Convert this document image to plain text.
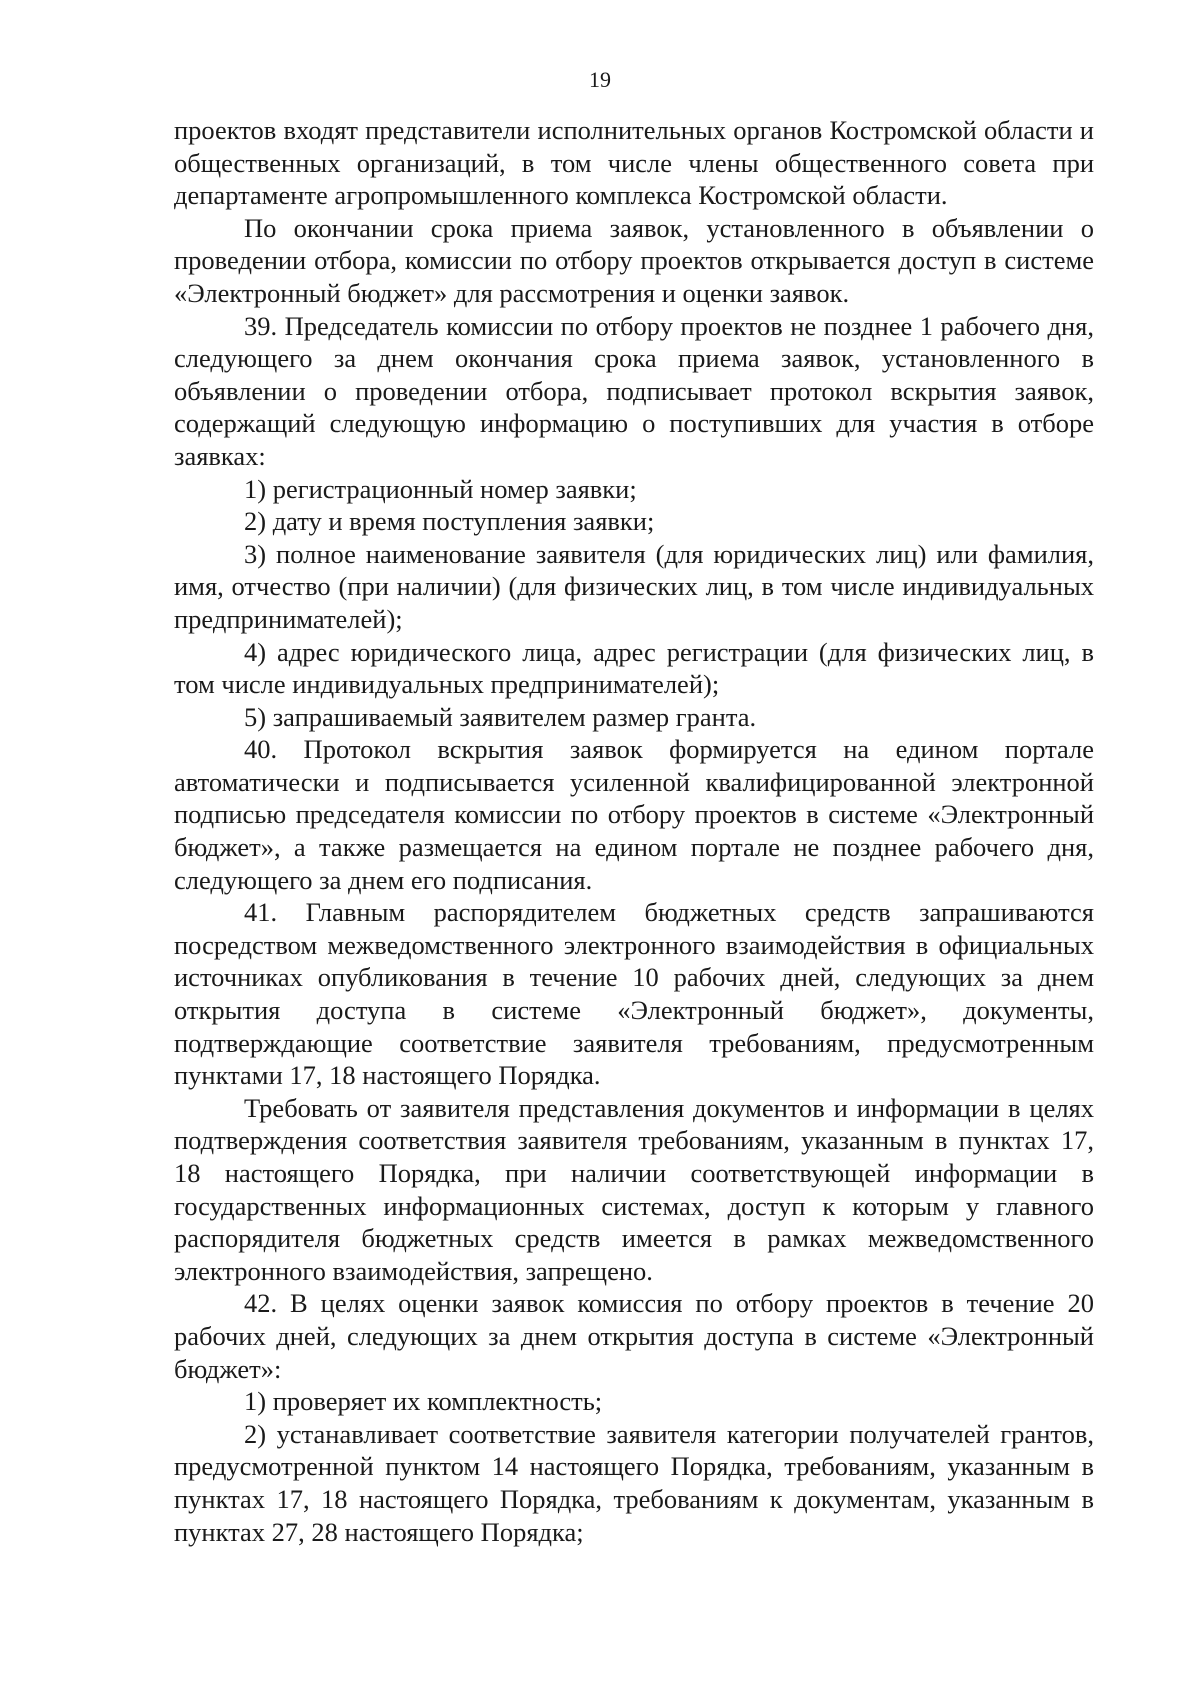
19

проектов входят представители исполнительных органов Костромской области и общественных организаций, в том числе члены общественного совета при департаменте агропромышленного комплекса Костромской области.

По окончании срока приема заявок, установленного в объявлении о проведении отбора, комиссии по отбору проектов открывается доступ в системе «Электронный бюджет» для рассмотрения и оценки заявок.

39. Председатель комиссии по отбору проектов не позднее 1 рабочего дня, следующего за днем окончания срока приема заявок, установленного в объявлении о проведении отбора, подписывает протокол вскрытия заявок, содержащий следующую информацию о поступивших для участия в отборе заявках:

1) регистрационный номер заявки;

2) дату и время поступления заявки;

3) полное наименование заявителя (для юридических лиц) или фамилия, имя, отчество (при наличии) (для физических лиц, в том числе индивидуальных предпринимателей);

4) адрес юридического лица, адрес регистрации (для физических лиц, в том числе индивидуальных предпринимателей);

5) запрашиваемый заявителем размер гранта.

40. Протокол вскрытия заявок формируется на едином портале автоматически и подписывается усиленной квалифицированной электронной подписью председателя комиссии по отбору проектов в системе «Электронный бюджет», а также размещается на едином портале не позднее рабочего дня, следующего за днем его подписания.

41. Главным распорядителем бюджетных средств запрашиваются посредством межведомственного электронного взаимодействия в официальных источниках опубликования в течение 10 рабочих дней, следующих за днем открытия доступа в системе «Электронный бюджет», документы, подтверждающие соответствие заявителя требованиям, предусмотренным пунктами 17, 18 настоящего Порядка.

Требовать от заявителя представления документов и информации в целях подтверждения соответствия заявителя требованиям, указанным в пунктах 17, 18 настоящего Порядка, при наличии соответствующей информации в государственных информационных системах, доступ к которым у главного распорядителя бюджетных средств имеется в рамках межведомственного электронного взаимодействия, запрещено.

42. В целях оценки заявок комиссия по отбору проектов в течение 20 рабочих дней, следующих за днем открытия доступа в системе «Электронный бюджет»:

1) проверяет их комплектность;

2) устанавливает соответствие заявителя категории получателей грантов, предусмотренной пунктом 14 настоящего Порядка, требованиям, указанным в пунктах 17, 18 настоящего Порядка, требованиям к документам, указанным в пунктах 27, 28 настоящего Порядка;
